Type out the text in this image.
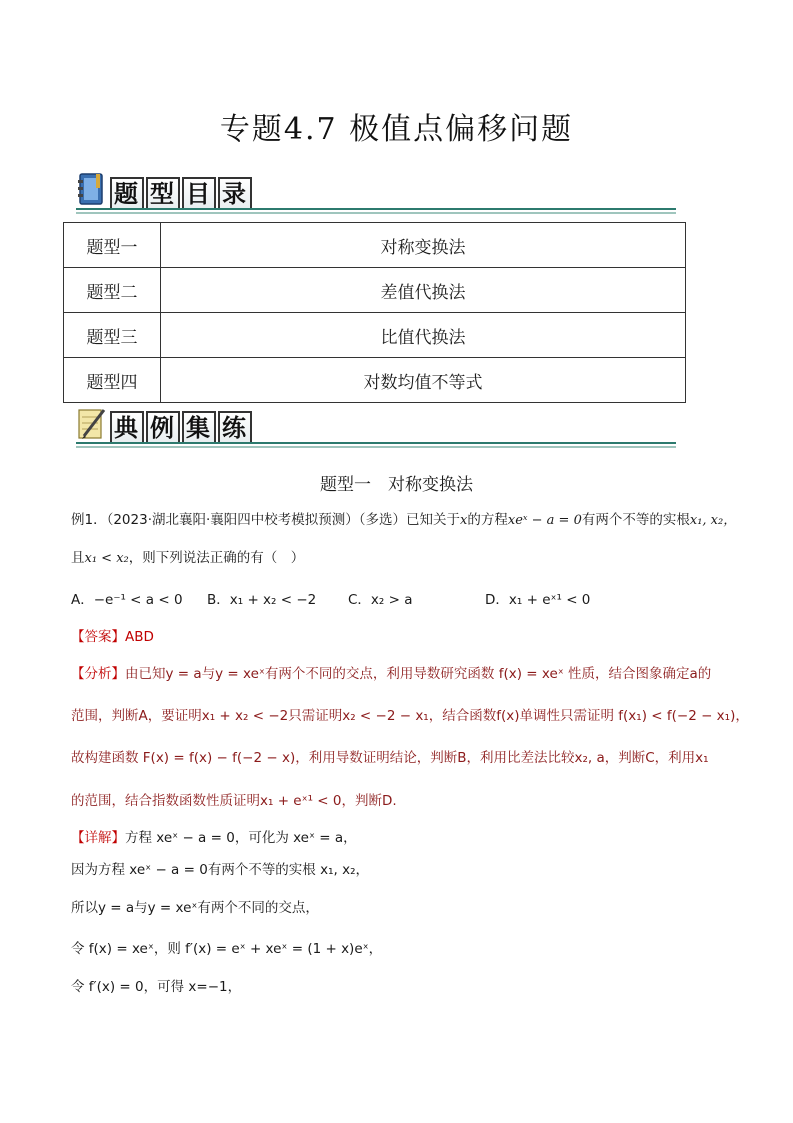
专题4.7 极值点偏移问题
题 型 目 录
题型一	对称变换法
题型二	差值代换法
题型三	比值代换法
题型四	对数均值不等式
典 例 集 练
题型一　对称变换法
例1．（2023·湖北襄阳·襄阳四中校考模拟预测）（多选）已知关于x的方程xeˣ − a = 0有两个不等的实根x₁, x₂，
且x₁ < x₂，则下列说法正确的有（　）
A．−e⁻¹ < a < 0 B．x₁ + x₂ < −2 C．x₂ > a	D．x₁ + eˣ¹ < 0
【答案】ABD
【分析】由已知y = a与y = xeˣ有两个不同的交点，利用导数研究函数 f(x) = xeˣ 性质，结合图象确定a的
范围，判断A，要证明x₁ + x₂ < −2只需证明x₂ < −2 − x₁，结合函数f(x)单调性只需证明 f(x₁) < f(−2 − x₁)，
故构建函数 F(x) = f(x) − f(−2 − x)，利用导数证明结论，判断B，利用比差法比较x₂, a，判断C，利用x₁
的范围，结合指数函数性质证明x₁ + eˣ¹ < 0，判断D.
【详解】方程 xeˣ − a = 0，可化为 xeˣ = a，
因为方程 xeˣ − a = 0有两个不等的实根 x₁, x₂，
所以y = a与y = xeˣ有两个不同的交点，
令 f(x) = xeˣ，则 f′(x) = eˣ + xeˣ = (1 + x)eˣ，
令 f′(x) = 0，可得 x=−1，
